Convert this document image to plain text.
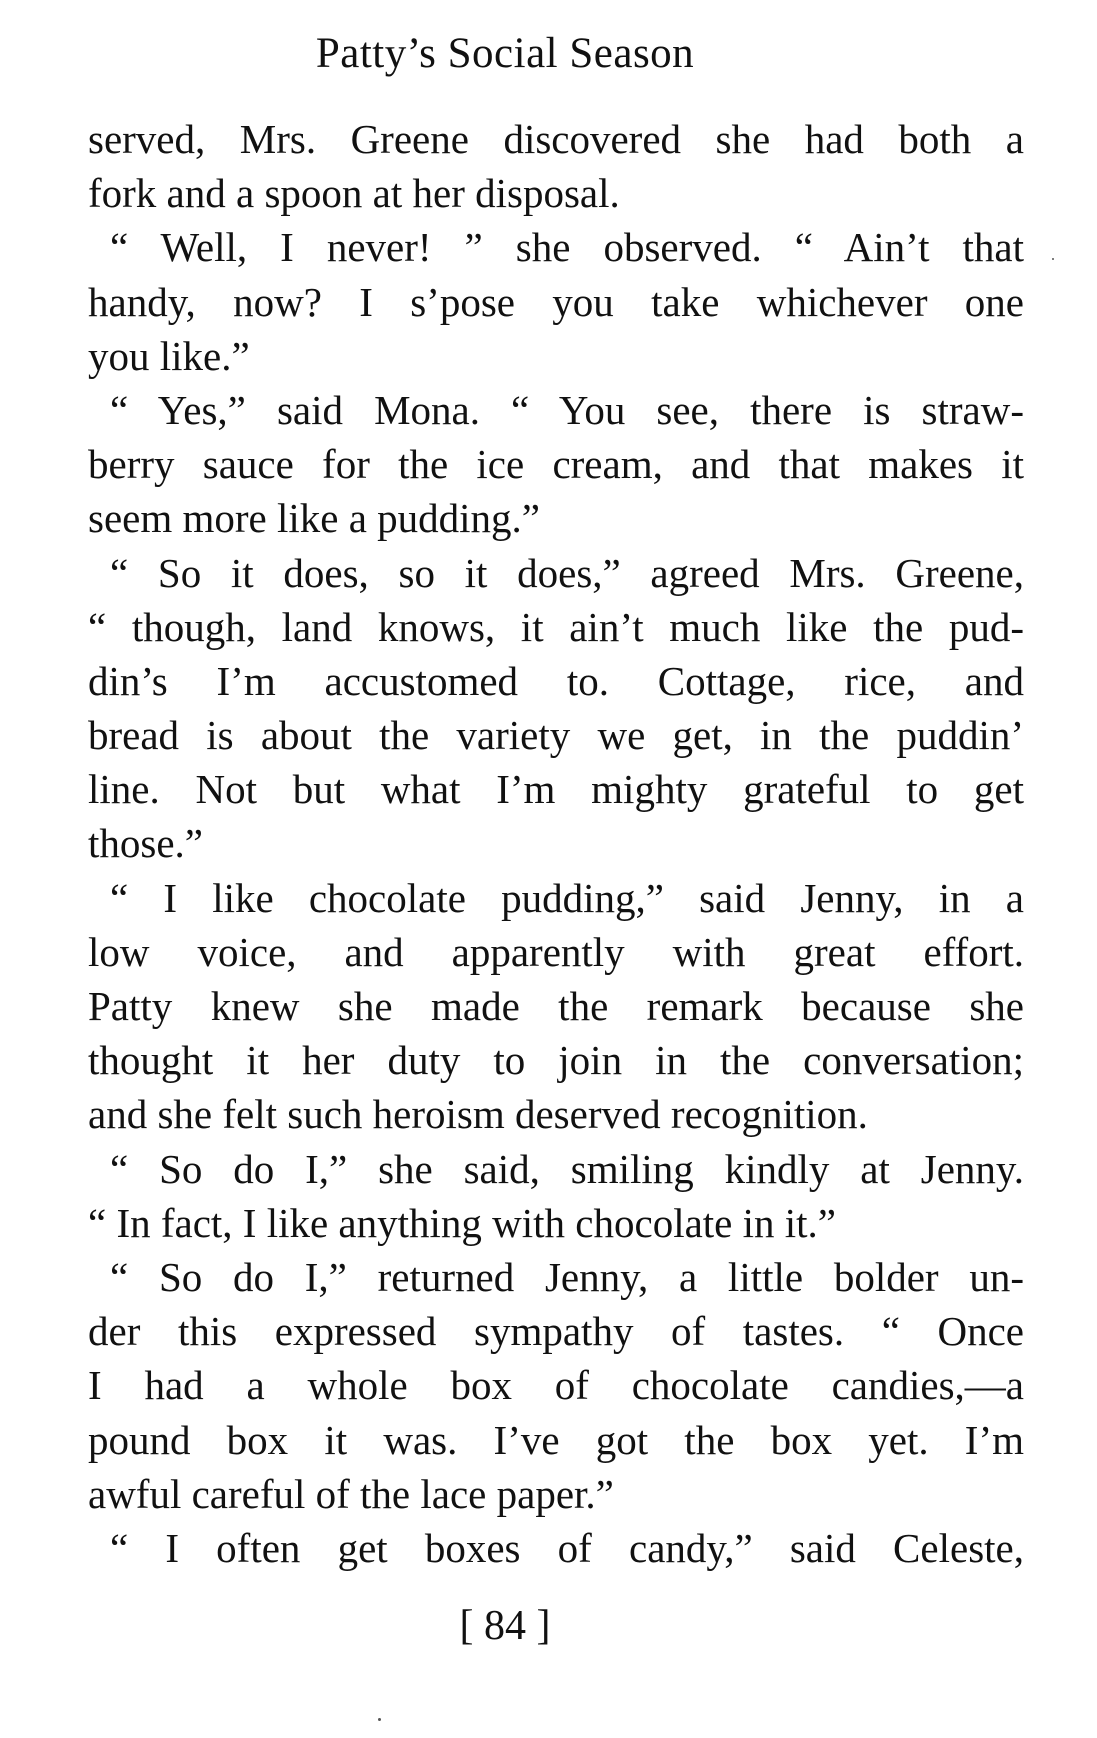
Patty’s Social Season
served, Mrs. Greene discovered she had both a
fork and a spoon at her disposal.
“ Well, I never! ” she observed. “ Ain’t that
handy, now? I s’pose you take whichever one
you like.”
“ Yes,” said Mona. “ You see, there is straw-
berry sauce for the ice cream, and that makes it
seem more like a pudding.”
“ So it does, so it does,” agreed Mrs. Greene,
“ though, land knows, it ain’t much like the pud-
din’s I’m accustomed to. Cottage, rice, and
bread is about the variety we get, in the puddin’
line. Not but what I’m mighty grateful to get
those.”
“ I like chocolate pudding,” said Jenny, in a
low voice, and apparently with great effort.
Patty knew she made the remark because she
thought it her duty to join in the conversation;
and she felt such heroism deserved recognition.
“ So do I,” she said, smiling kindly at Jenny.
“ In fact, I like anything with chocolate in it.”
“ So do I,” returned Jenny, a little bolder un-
der this expressed sympathy of tastes. “ Once
I had a whole box of chocolate candies,—a
pound box it was. I’ve got the box yet. I’m
awful careful of the lace paper.”
“ I often get boxes of candy,” said Celeste,
[ 84 ]
